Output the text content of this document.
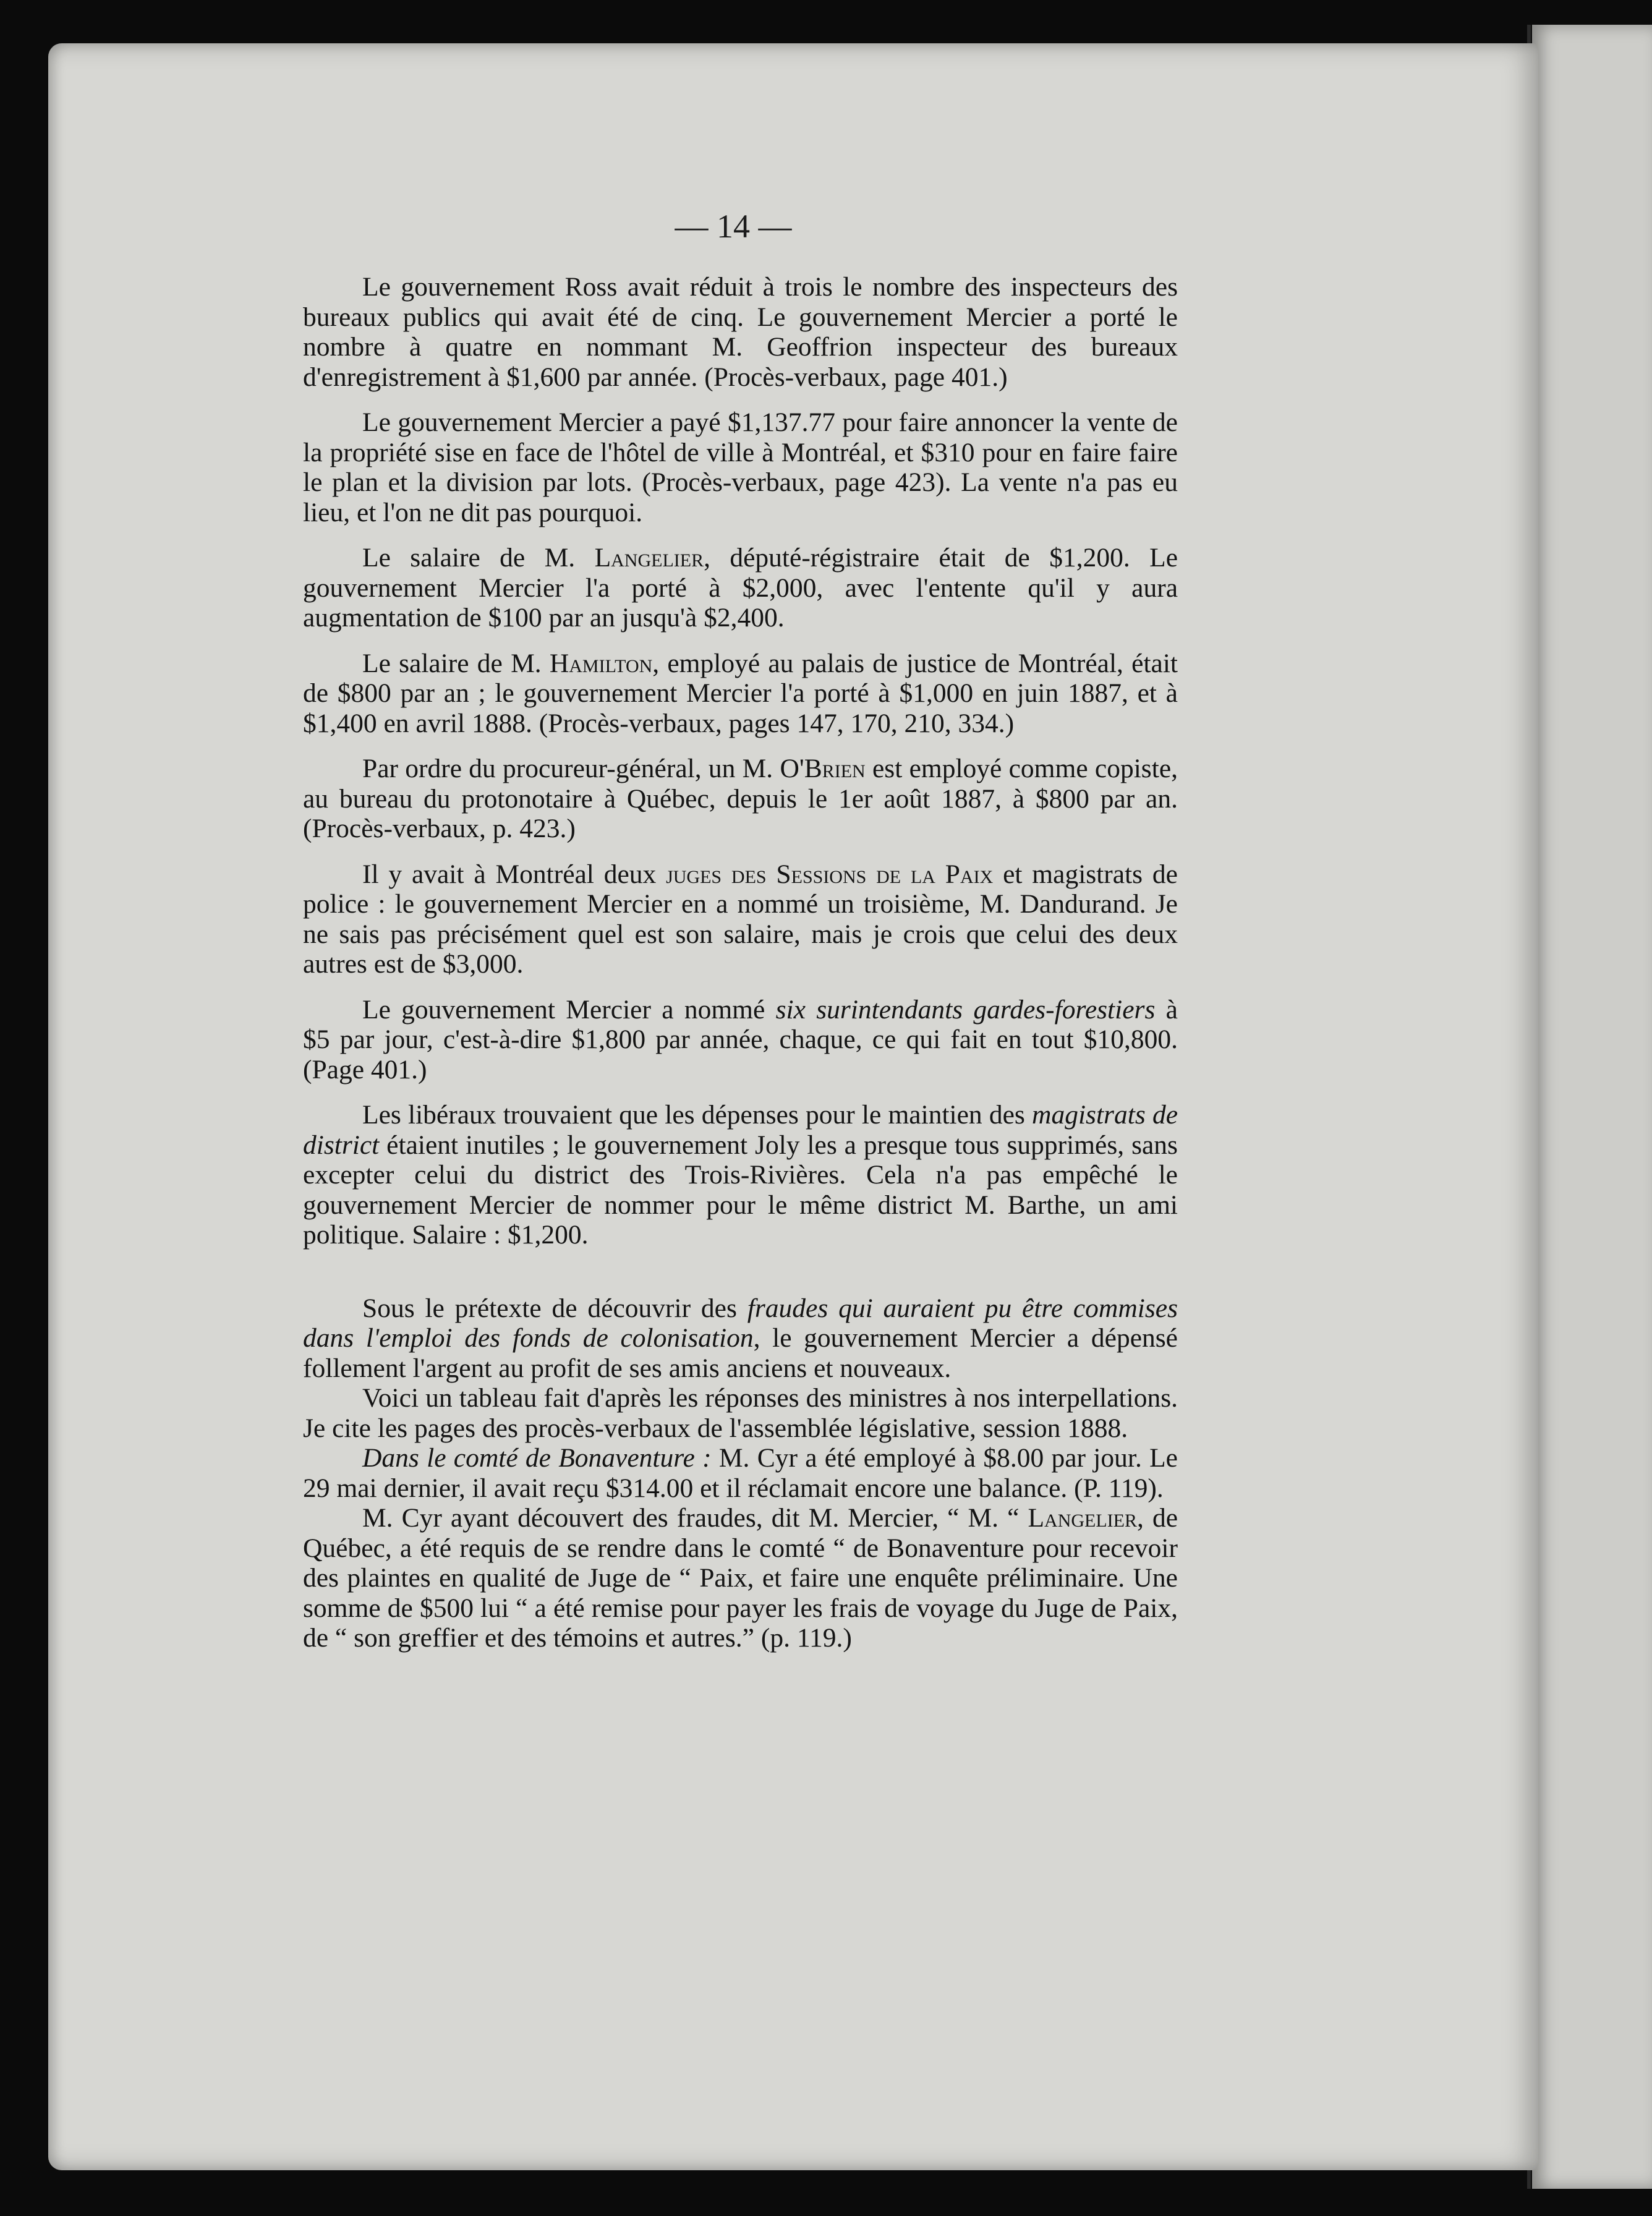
— 14 —

Le gouvernement Ross avait réduit à trois le nombre des inspecteurs des bureaux publics qui avait été de cinq. Le gouvernement Mercier a porté le nombre à quatre en nommant M. Geoffrion inspecteur des bureaux d'enregistrement à $1,600 par année. (Procès-verbaux, page 401.)

Le gouvernement Mercier a payé $1,137.77 pour faire annoncer la vente de la propriété sise en face de l'hôtel de ville à Montréal, et $310 pour en faire faire le plan et la division par lots. (Procès-verbaux, page 423). La vente n'a pas eu lieu, et l'on ne dit pas pourquoi.

Le salaire de M. Langelier, député-régistraire était de $1,200. Le gouvernement Mercier l'a porté à $2,000, avec l'entente qu'il y aura augmentation de $100 par an jusqu'à $2,400.

Le salaire de M. Hamilton, employé au palais de justice de Montréal, était de $800 par an ; le gouvernement Mercier l'a porté à $1,000 en juin 1887, et à $1,400 en avril 1888. (Procès-verbaux, pages 147, 170, 210, 334.)

Par ordre du procureur-général, un M. O'Brien est employé comme copiste, au bureau du protonotaire à Québec, depuis le 1er août 1887, à $800 par an. (Procès-verbaux, p. 423.)

Il y avait à Montréal deux juges des Sessions de la Paix et magistrats de police : le gouvernement Mercier en a nommé un troisième, M. Dandurand. Je ne sais pas précisément quel est son salaire, mais je crois que celui des deux autres est de $3,000.

Le gouvernement Mercier a nommé six surintendants gardes-forestiers à $5 par jour, c'est-à-dire $1,800 par année, chaque, ce qui fait en tout $10,800. (Page 401.)

Les libéraux trouvaient que les dépenses pour le maintien des magistrats de district étaient inutiles ; le gouvernement Joly les a presque tous supprimés, sans excepter celui du district des Trois-Rivières. Cela n'a pas empêché le gouvernement Mercier de nommer pour le même district M. Barthe, un ami politique. Salaire : $1,200.

Sous le prétexte de découvrir des fraudes qui auraient pu être commises dans l'emploi des fonds de colonisation, le gouvernement Mercier a dépensé follement l'argent au profit de ses amis anciens et nouveaux.

Voici un tableau fait d'après les réponses des ministres à nos interpellations. Je cite les pages des procès-verbaux de l'assemblée législative, session 1888.

Dans le comté de Bonaventure : M. Cyr a été employé à $8.00 par jour. Le 29 mai dernier, il avait reçu $314.00 et il réclamait encore une balance. (P. 119).

M. Cyr ayant découvert des fraudes, dit M. Mercier, “ M. “ Langelier, de Québec, a été requis de se rendre dans le comté “ de Bonaventure pour recevoir des plaintes en qualité de Juge de “ Paix, et faire une enquête préliminaire. Une somme de $500 lui “ a été remise pour payer les frais de voyage du Juge de Paix, de “ son greffier et des témoins et autres.” (p. 119.)
